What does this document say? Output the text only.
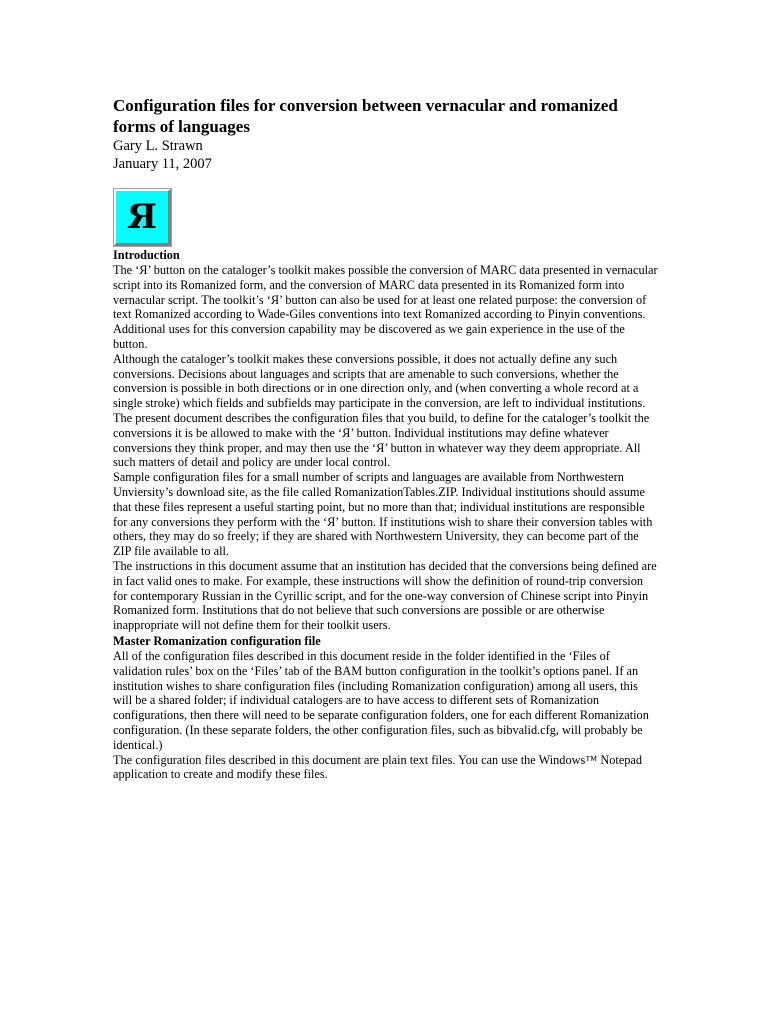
Configuration files for conversion between vernacular and romanized forms of languages

Gary L. Strawn

January 11, 2007

Я
Introduction

The ‘Я’ button on the cataloger’s toolkit makes possible the conversion of MARC data presented in vernacular script into its Romanized form, and the conversion of MARC data presented in its Romanized form into vernacular script. The toolkit’s ‘Я’ button can also be used for at least one related purpose: the conversion of text Romanized according to Wade-Giles conventions into text Romanized according to Pinyin conventions. Additional uses for this conversion capability may be discovered as we gain experience in the use of the button.

Although the cataloger’s toolkit makes these conversions possible, it does not actually define any such conversions. Decisions about languages and scripts that are amenable to such conversions, whether the conversion is possible in both directions or in one direction only, and (when converting a whole record at a single stroke) which fields and subfields may participate in the conversion, are left to individual institutions. The present document describes the configuration files that you build, to define for the cataloger’s toolkit the conversions it is be allowed to make with the ‘Я’ button. Individual institutions may define whatever conversions they think proper, and may then use the ‘Я’ button in whatever way they deem appropriate. All such matters of detail and policy are under local control.

Sample configuration files for a small number of scripts and languages are available from Northwestern Unviersity’s download site, as the file called RomanizationTables.ZIP. Individual institutions should assume that these files represent a useful starting point, but no more than that; individual institutions are responsible for any conversions they perform with the ‘Я’ button. If institutions wish to share their conversion tables with others, they may do so freely; if they are shared with Northwestern University, they can become part of the ZIP file available to all.

The instructions in this document assume that an institution has decided that the conversions being defined are in fact valid ones to make. For example, these instructions will show the definition of round-trip conversion for contemporary Russian in the Cyrillic script, and for the one-way conversion of Chinese script into Pinyin Romanized form. Institutions that do not believe that such conversions are possible or are otherwise inappropriate will not define them for their toolkit users.

Master Romanization configuration file

All of the configuration files described in this document reside in the folder identified in the ‘Files of validation rules’ box on the ‘Files’ tab of the BAM button configuration in the toolkit’s options panel. If an institution wishes to share configuration files (including Romanization configuration) among all users, this will be a shared folder; if individual catalogers are to have access to different sets of Romanization configurations, then there will need to be separate configuration folders, one for each different Romanization configuration. (In these separate folders, the other configuration files, such as bibvalid.cfg, will probably be identical.)

The configuration files described in this document are plain text files. You can use the Windows™ Notepad application to create and modify these files.
